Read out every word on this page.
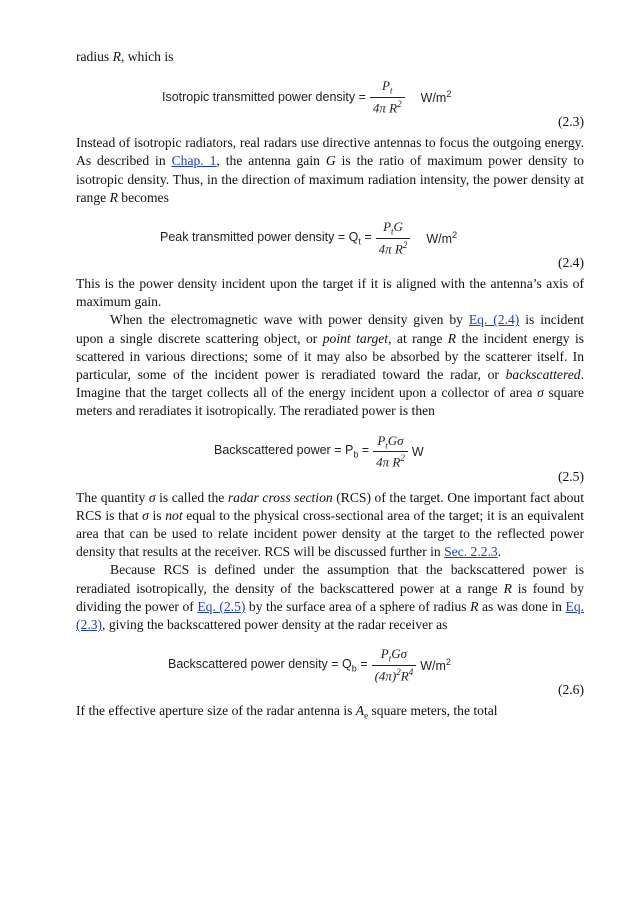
radius R, which is

Isotropic transmitted power density = $\frac{P_t}{4\pi R^2} W/m^2$
(2.3)

Instead of isotropic radiators, real radars use directive antennas to focus the outgoing energy. As described in Chap. 1, the antenna gain G is the ratio of maximum power density to isotropic density. Thus, in the direction of maximum radiation intensity, the power density at range R becomes

Peak transmitted power density = $Q_t = \frac{P_tG}{4\pi R^2} W/m^2$
(2.4)

This is the power density incident upon the target if it is aligned with the antenna’s axis of maximum gain.

When the electromagnetic wave with power density given by Eq. (2.4) is incident upon a single discrete scattering object, or point target, at range R the incident energy is scattered in various directions; some of it may also be absorbed by the scatterer itself. In particular, some of the incident power is reradiated toward the radar, or backscattered. Imagine that the target collects all of the energy incident upon a collector of area σ square meters and reradiates it isotropically. The reradiated power is then

Backscattered power = $P_b = \frac{P_tG\sigma}{4\pi R^2}$ W
(2.5)

The quantity σ is called the radar cross section (RCS) of the target. One important fact about RCS is that σ is not equal to the physical cross-sectional area of the target; it is an equivalent area that can be used to relate incident power density at the target to the reflected power density that results at the receiver. RCS will be discussed further in Sec. 2.2.3.

Because RCS is defined under the assumption that the backscattered power is reradiated isotropically, the density of the backscattered power at a range R is found by dividing the power of Eq. (2.5) by the surface area of a sphere of radius R as was done in Eq. (2.3), giving the backscattered power density at the radar receiver as

Backscattered power density = $Q_b = \frac{P_tG\sigma}{(4\pi)^2R^4} W/m^2$
(2.6)

If the effective aperture size of the radar antenna is $A_e$ square meters, the total
